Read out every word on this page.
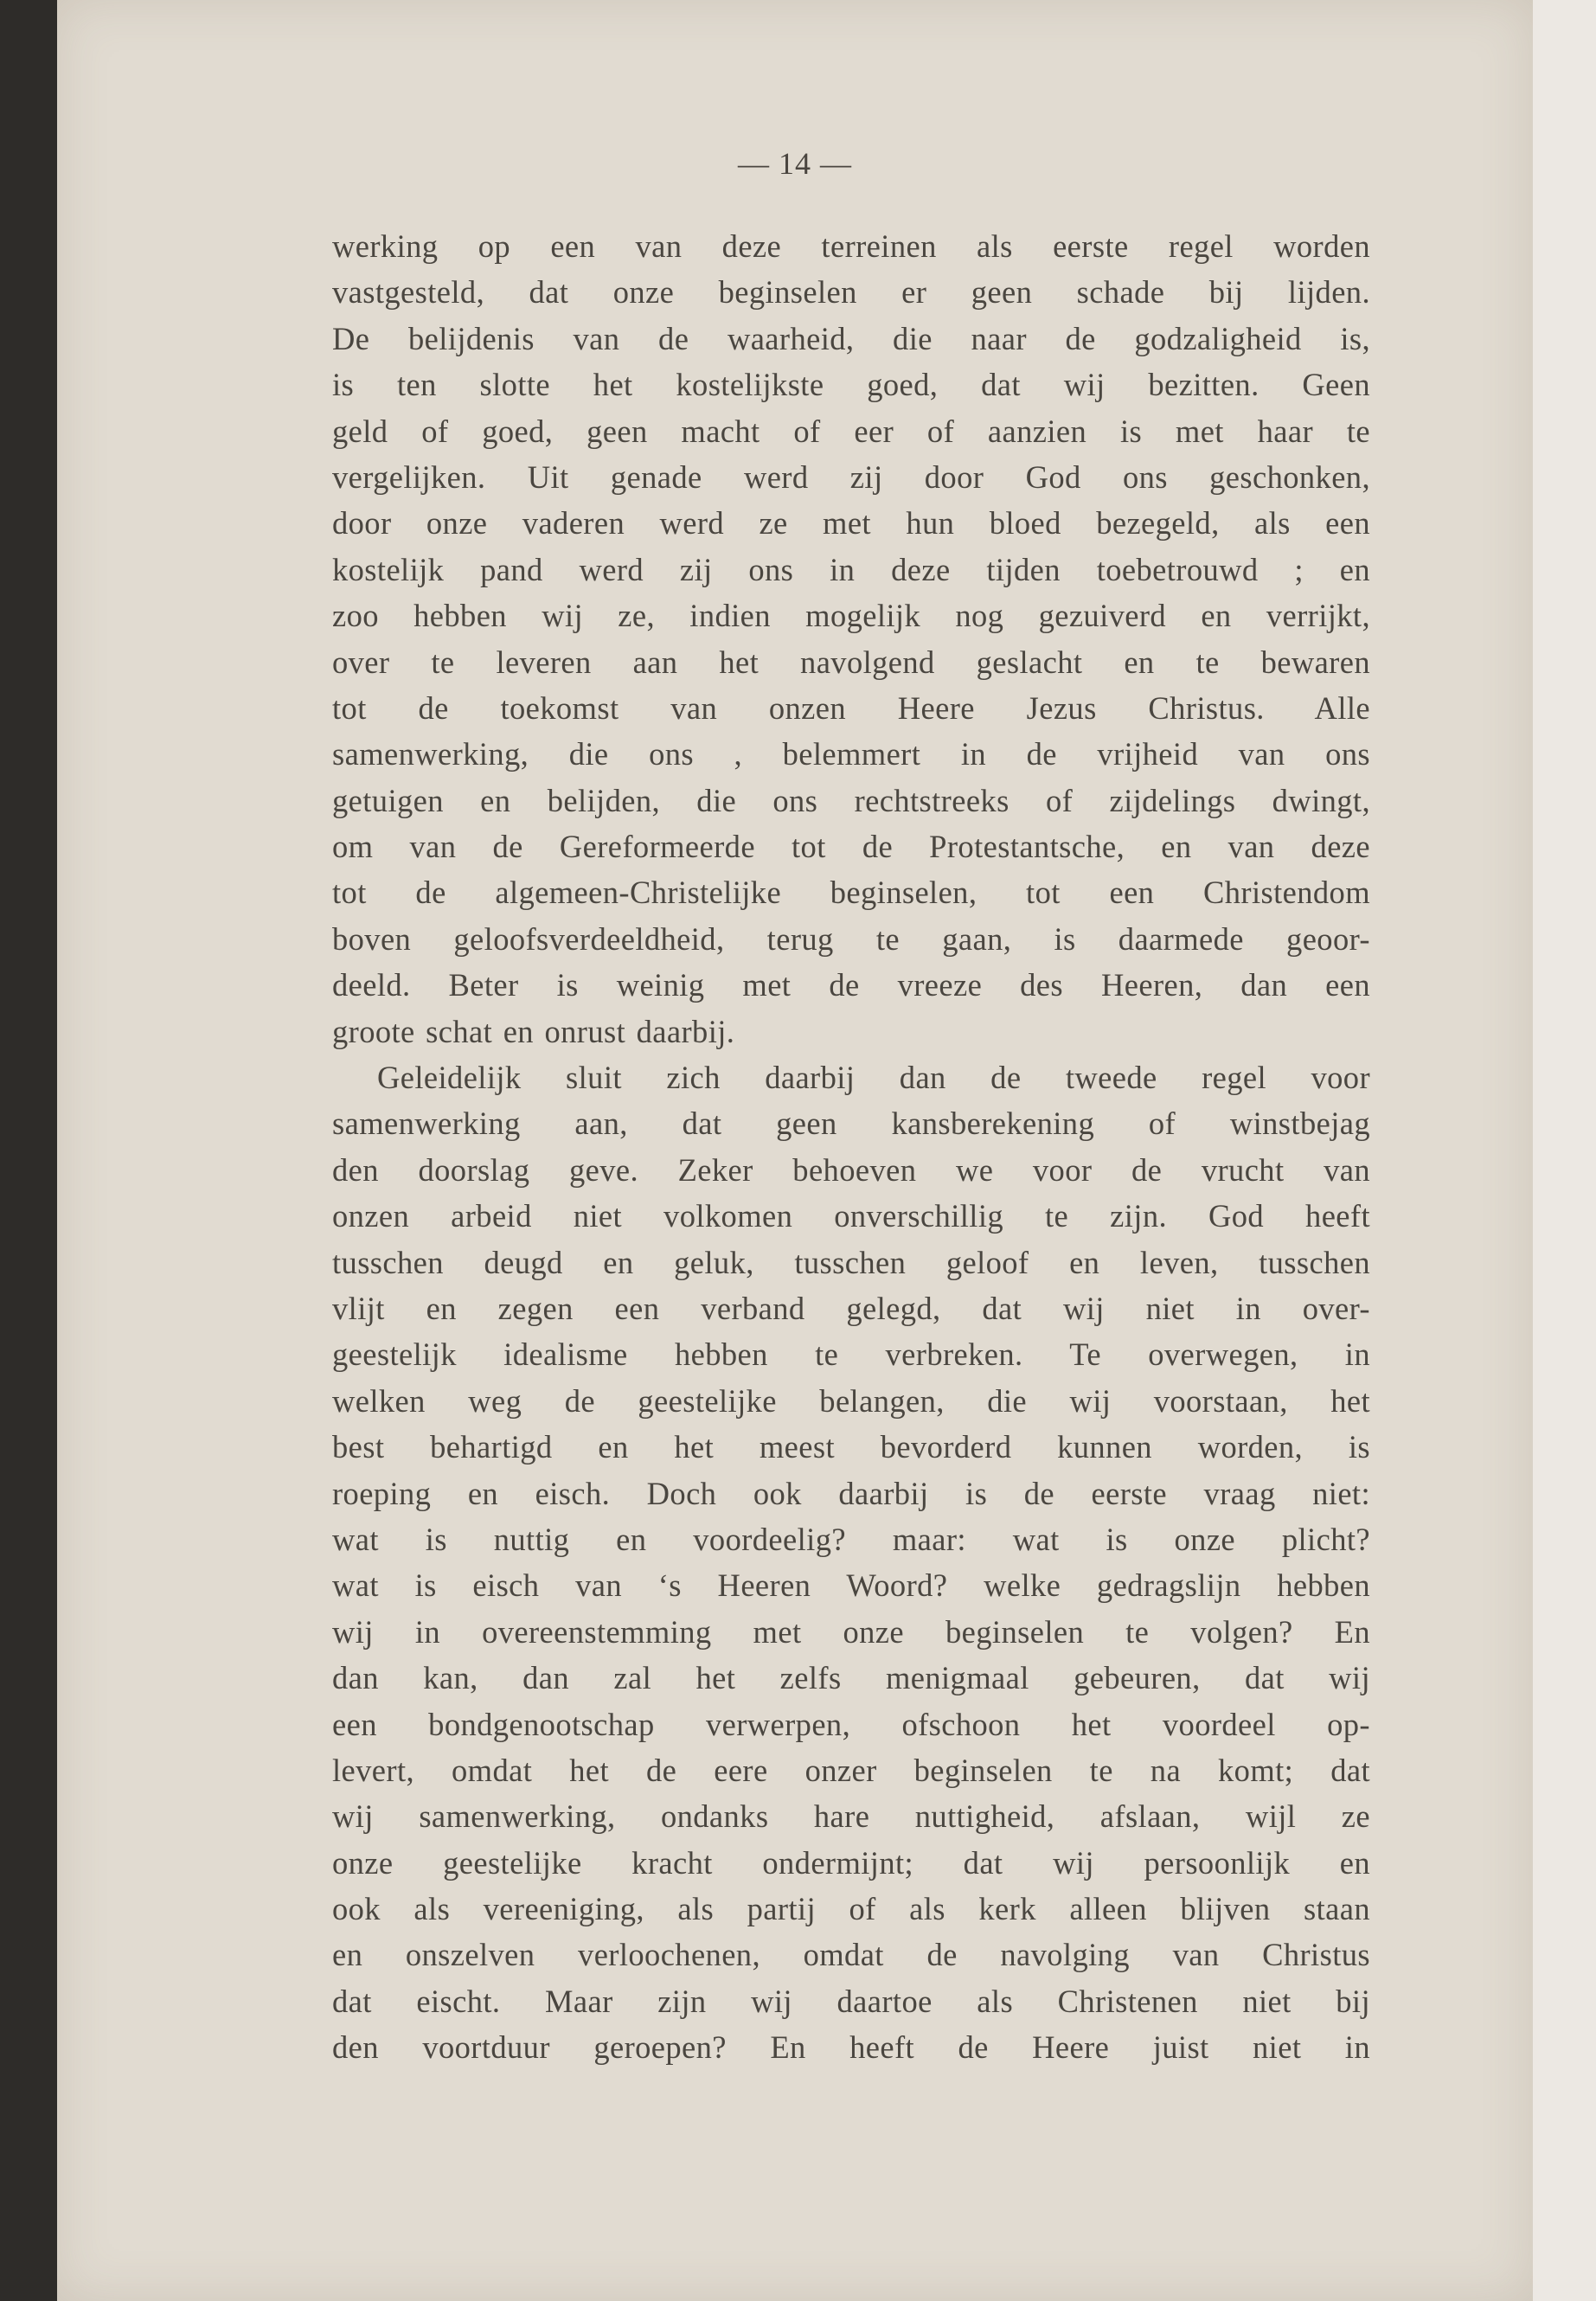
— 14 —
werking op een van deze terreinen als eerste regel worden
vastgesteld, dat onze beginselen er geen schade bij lijden.
De belijdenis van de waarheid, die naar de godzaligheid is,
is ten slotte het kostelijkste goed, dat wij bezitten. Geen
geld of goed, geen macht of eer of aanzien is met haar te
vergelijken. Uit genade werd zij door God ons geschonken,
door onze vaderen werd ze met hun bloed bezegeld, als een
kostelijk pand werd zij ons in deze tijden toebetrouwd ; en
zoo hebben wij ze, indien mogelijk nog gezuiverd en verrijkt,
over te leveren aan het navolgend geslacht en te bewaren
tot de toekomst van onzen Heere Jezus Christus. Alle
samenwerking, die ons , belemmert in de vrijheid van ons
getuigen en belijden, die ons rechtstreeks of zijdelings dwingt,
om van de Gereformeerde tot de Protestantsche, en van deze
tot de algemeen-Christelijke beginselen, tot een Christendom
boven geloofsverdeeldheid, terug te gaan, is daarmede geoor-
deeld. Beter is weinig met de vreeze des Heeren, dan een
groote schat en onrust daarbij.
Geleidelijk sluit zich daarbij dan de tweede regel voor
samenwerking aan, dat geen kansberekening of winstbejag
den doorslag geve. Zeker behoeven we voor de vrucht van
onzen arbeid niet volkomen onverschillig te zijn. God heeft
tusschen deugd en geluk, tusschen geloof en leven, tusschen
vlijt en zegen een verband gelegd, dat wij niet in over-
geestelijk idealisme hebben te verbreken. Te overwegen, in
welken weg de geestelijke belangen, die wij voorstaan, het
best behartigd en het meest bevorderd kunnen worden, is
roeping en eisch. Doch ook daarbij is de eerste vraag niet:
wat is nuttig en voordeelig? maar: wat is onze plicht?
wat is eisch van ‘s Heeren Woord? welke gedragslijn hebben
wij in overeenstemming met onze beginselen te volgen? En
dan kan, dan zal het zelfs menigmaal gebeuren, dat wij
een bondgenootschap verwerpen, ofschoon het voordeel op-
levert, omdat het de eere onzer beginselen te na komt; dat
wij samenwerking, ondanks hare nuttigheid, afslaan, wijl ze
onze geestelijke kracht ondermijnt; dat wij persoonlijk en
ook als vereeniging, als partij of als kerk alleen blijven staan
en onszelven verloochenen, omdat de navolging van Christus
dat eischt. Maar zijn wij daartoe als Christenen niet bij
den voortduur geroepen? En heeft de Heere juist niet in
